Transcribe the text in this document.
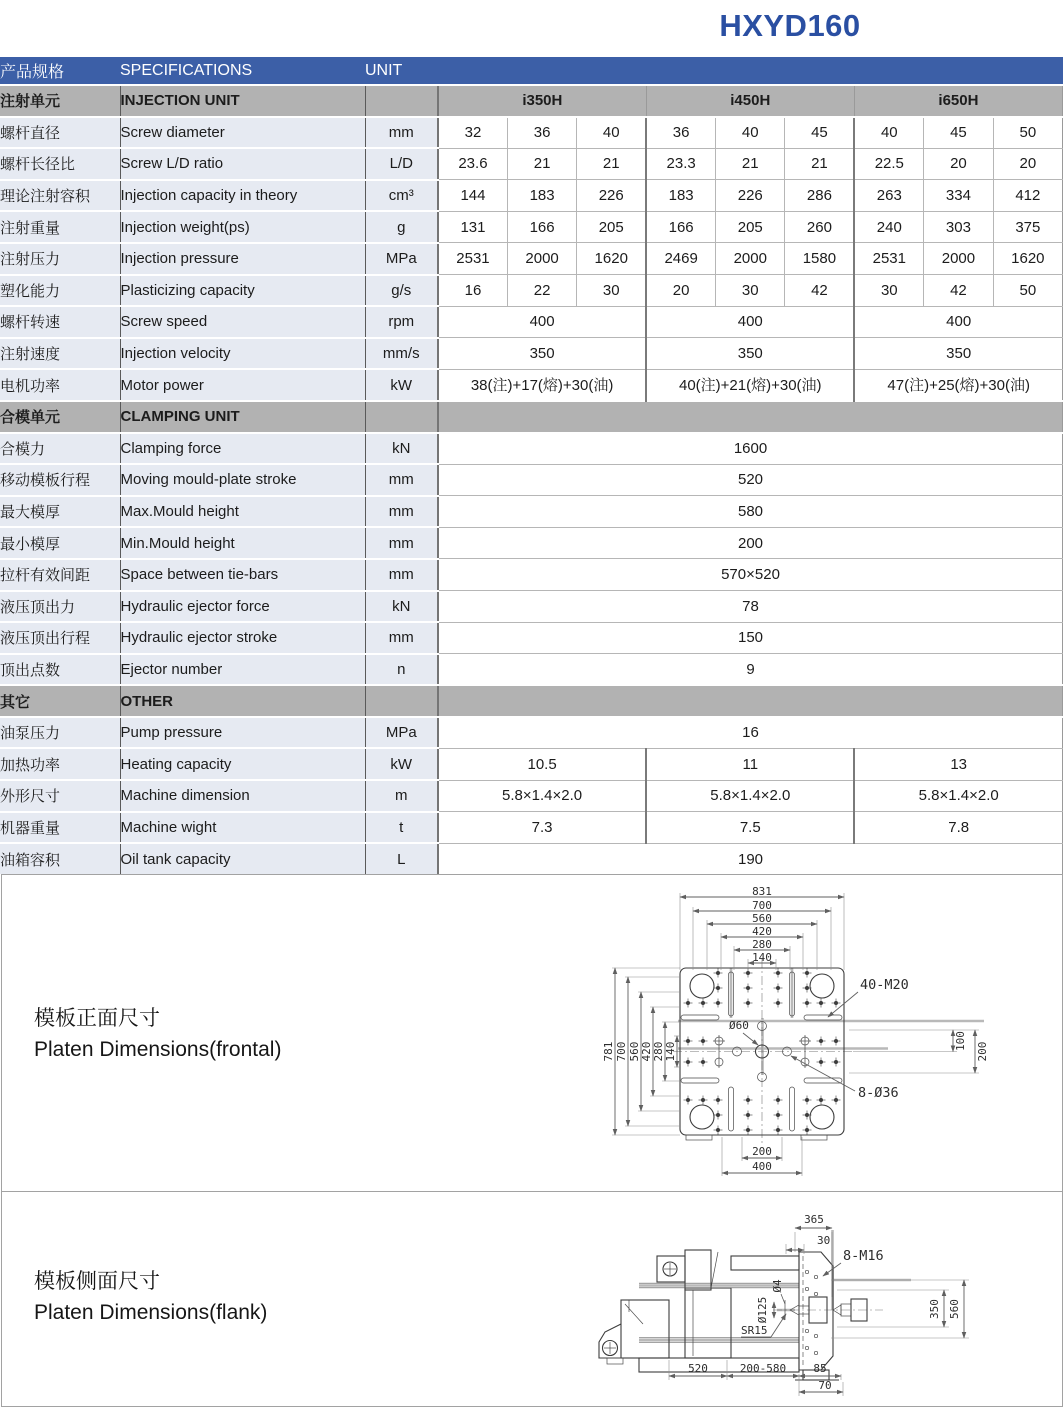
HXYD160
产品规格	SPECIFICATIONS	UNIT									
注射单元	INJECTION UNIT		i350H			i450H			i650H		
螺杆直径	Screw diameter	mm	32	36	40	36	40	45	40	45	50
螺杆长径比	Screw L/D ratio	L/D	23.6	21	21	23.3	21	21	22.5	20	20
理论注射容积	Injection capacity in theory	cm³	144	183	226	183	226	286	263	334	412
注射重量	Injection weight(ps)	g	131	166	205	166	205	260	240	303	375
注射压力	Injection pressure	MPa	2531	2000	1620	2469	2000	1580	2531	2000	1620
塑化能力	Plasticizing capacity	g/s	16	22	30	20	30	42	30	42	50
螺杆转速	Screw speed	rpm	400			400			400		
注射速度	Injection velocity	mm/s	350			350			350		
电机功率	Motor power	kW	38(注)+17(熔)+30(油)			40(注)+21(熔)+30(油)			47(注)+25(熔)+30(油)		
合模单元	CLAMPING UNIT										
合模力	Clamping force	kN	1600								
移动模板行程	Moving mould-plate stroke	mm	520								
最大模厚	Max.Mould height	mm	580								
最小模厚	Min.Mould height	mm	200								
拉杆有效间距	Space between tie-bars	mm	570×520								
液压顶出力	Hydraulic ejector force	kN	78								
液压顶出行程	Hydraulic ejector stroke	mm	150								
顶出点数	Ejector number	n	9								
其它	OTHER										
油泵压力	Pump pressure	MPa	16								
加热功率	Heating capacity	kW	10.5			11			13		
外形尺寸	Machine dimension	m	5.8×1.4×2.0			5.8×1.4×2.0			5.8×1.4×2.0		
机器重量	Machine wight	t	7.3			7.5			7.8		
油箱容积	Oil tank capacity	L	190								
模板正面尺寸
Platen Dimensions(frontal)
831
700
560
420
280
140
781 700 560 420 280 140
100
200
200
400
40-M20
Ø60
8-Ø36
模板侧面尺寸
Platen Dimensions(flank)
365
30
8-M16
Ø4
Ø125
SR15
350 560
520	200-580 85
70
